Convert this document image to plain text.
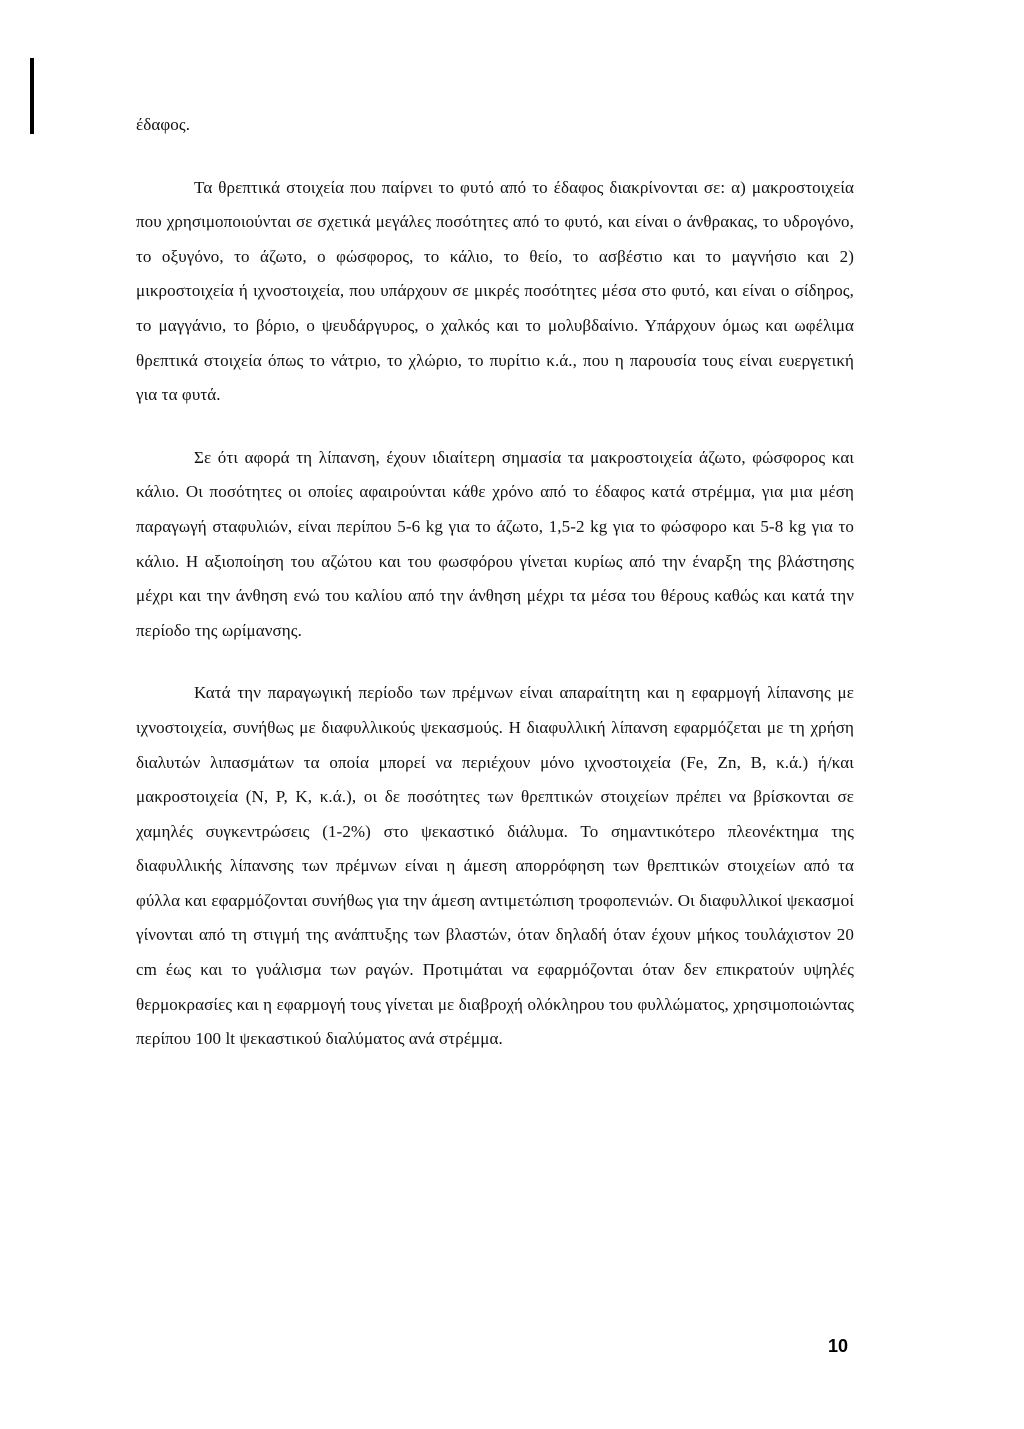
έδαφος.

Τα θρεπτικά στοιχεία που παίρνει το φυτό από το έδαφος διακρίνονται σε: α) μακροστοιχεία που χρησιμοποιούνται σε σχετικά μεγάλες ποσότητες από το φυτό, και είναι ο άνθρακας, το υδρογόνο, το οξυγόνο, το άζωτο, ο φώσφορος, το κάλιο, το θείο, το ασβέστιο και το μαγνήσιο και 2) μικροστοιχεία ή ιχνοστοιχεία, που υπάρχουν σε μικρές ποσότητες μέσα στο φυτό, και είναι ο σίδηρος, το μαγγάνιο, το βόριο, ο ψευδάργυρος, ο χαλκός και το μολυβδαίνιο. Υπάρχουν όμως και ωφέλιμα θρεπτικά στοιχεία όπως το νάτριο, το χλώριο, το πυρίτιο κ.ά., που η παρουσία τους είναι ευεργετική για τα φυτά.

Σε ότι αφορά τη λίπανση, έχουν ιδιαίτερη σημασία τα μακροστοιχεία άζωτο, φώσφορος και κάλιο. Οι ποσότητες οι οποίες αφαιρούνται κάθε χρόνο από το έδαφος κατά στρέμμα, για μια μέση παραγωγή σταφυλιών, είναι περίπου 5-6 kg για το άζωτο, 1,5-2 kg για το φώσφορο και 5-8 kg για το κάλιο. Η αξιοποίηση του αζώτου και του φωσφόρου γίνεται κυρίως από την έναρξη της βλάστησης μέχρι και την άνθηση ενώ του καλίου από την άνθηση μέχρι τα μέσα του θέρους καθώς και κατά την περίοδο της ωρίμανσης.

Κατά την παραγωγική περίοδο των πρέμνων είναι απαραίτητη και η εφαρμογή λίπανσης με ιχνοστοιχεία, συνήθως με διαφυλλικούς ψεκασμούς. Η διαφυλλική λίπανση εφαρμόζεται με τη χρήση διαλυτών λιπασμάτων τα οποία μπορεί να περιέχουν μόνο ιχνοστοιχεία (Fe, Zn, B, κ.ά.) ή/και μακροστοιχεία (N, P, K, κ.ά.), οι δε ποσότητες των θρεπτικών στοιχείων πρέπει να βρίσκονται σε χαμηλές συγκεντρώσεις (1-2%) στο ψεκαστικό διάλυμα. Το σημαντικότερο πλεονέκτημα της διαφυλλικής λίπανσης των πρέμνων είναι η άμεση απορρόφηση των θρεπτικών στοιχείων από τα φύλλα και εφαρμόζονται συνήθως για την άμεση αντιμετώπιση τροφοπενιών. Οι διαφυλλικοί ψεκασμοί γίνονται από τη στιγμή της ανάπτυξης των βλαστών, όταν δηλαδή όταν έχουν μήκος τουλάχιστον 20 cm έως και το γυάλισμα των ραγών. Προτιμάται να εφαρμόζονται όταν δεν επικρατούν υψηλές θερμοκρασίες και η εφαρμογή τους γίνεται με διαβροχή ολόκληρου του φυλλώματος, χρησιμοποιώντας περίπου 100 lt ψεκαστικού διαλύματος ανά στρέμμα.

10
